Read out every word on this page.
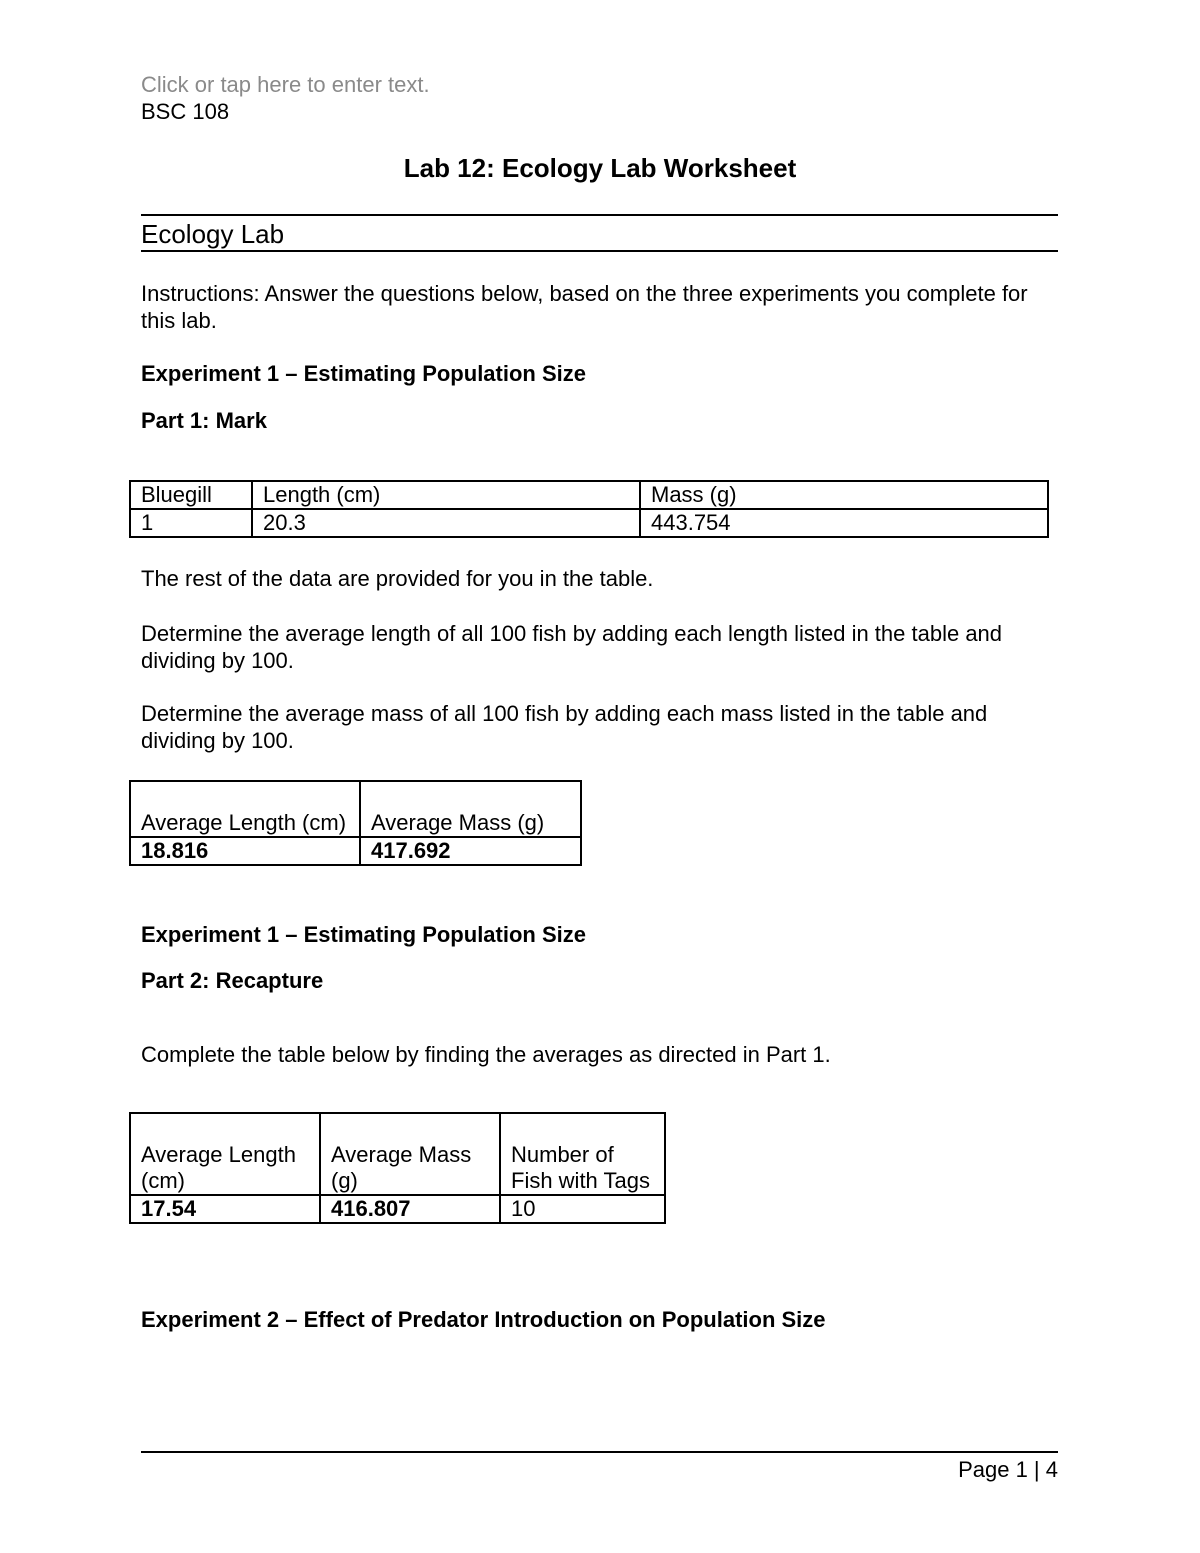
Click or tap here to enter text.
BSC 108
Lab 12: Ecology Lab Worksheet
Ecology Lab
Instructions: Answer the questions below, based on the three experiments you complete for this lab.
Experiment 1 – Estimating Population Size
Part 1: Mark
Bluegill	Length (cm)	Mass (g)
1	20.3	443.754
The rest of the data are provided for you in the table.
Determine the average length of all 100 fish by adding each length listed in the table and dividing by 100.
Determine the average mass of all 100 fish by adding each mass listed in the table and dividing by 100.
Average Length (cm)	Average Mass (g)
18.816	417.692
Experiment 1 – Estimating Population Size
Part 2: Recapture
Complete the table below by finding the averages as directed in Part 1.
Average Length (cm)	Average Mass (g)	Number of Fish with Tags
17.54	416.807	10
Experiment 2 – Effect of Predator Introduction on Population Size
Page 1 | 4
